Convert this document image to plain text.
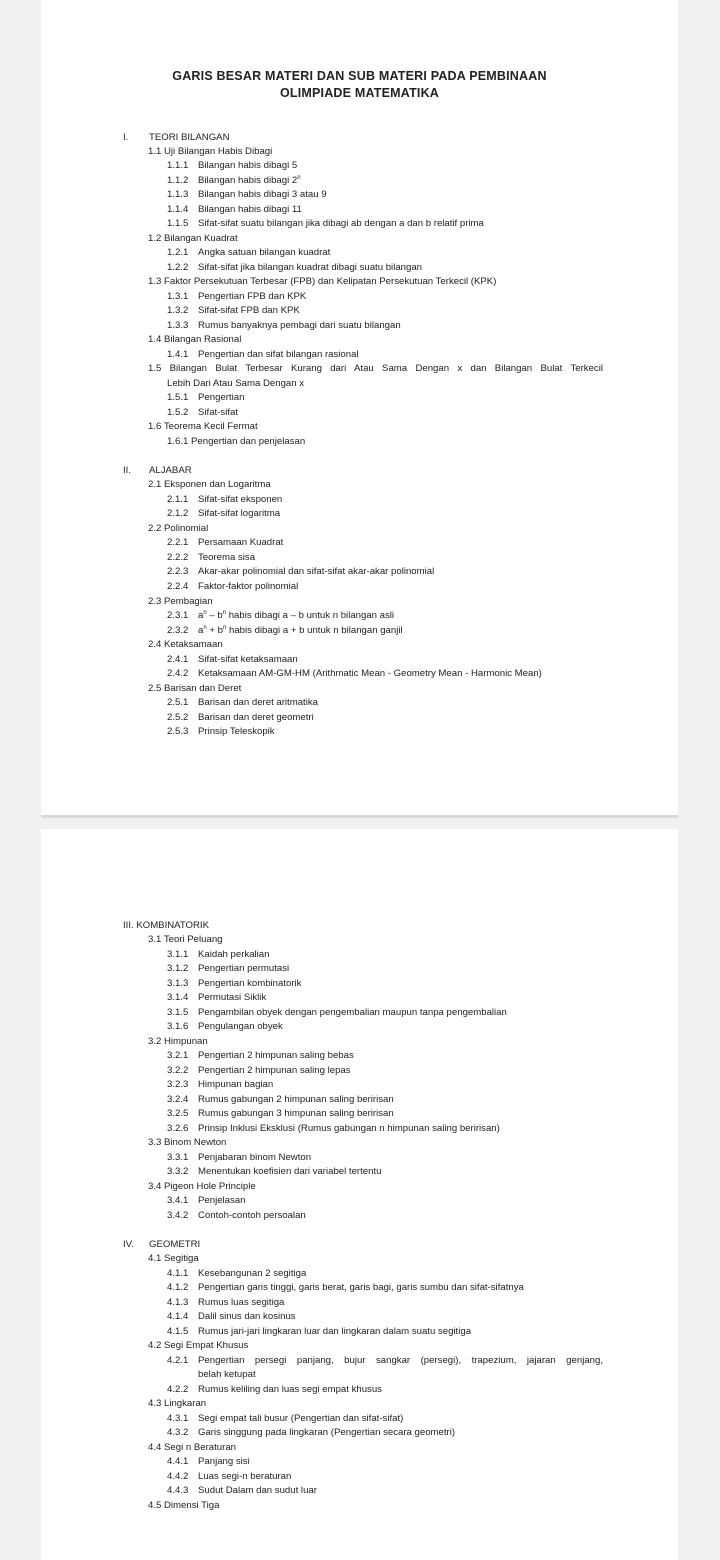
GARIS BESAR MATERI DAN SUB MATERI PADA PEMBINAAN
OLIMPIADE MATEMATIKA
I. TEORI BILANGAN
1.1 Uji Bilangan Habis Dibagi
1.1.1 Bilangan habis dibagi 5
1.1.2 Bilangan habis dibagi 2$^n$
1.1.3 Bilangan habis dibagi 3 atau 9
1.1.4 Bilangan habis dibagi 11
1.1.5 Sifat-sifat suatu bilangan jika dibagi ab dengan a dan b relatif prima
1.2 Bilangan Kuadrat
1.2.1 Angka satuan bilangan kuadrat
1.2.2 Sifat-sifat jika bilangan kuadrat dibagi suatu bilangan
1.3 Faktor Persekutuan Terbesar (FPB) dan Kelipatan Persekutuan Terkecil (KPK)
1.3.1 Pengertian FPB dan KPK
1.3.2 Sifat-sifat FPB dan KPK
1.3.3 Rumus banyaknya pembagi dari suatu bilangan
1.4 Bilangan Rasional
1.4.1 Pengertian dan sifat bilangan rasional
1.5 Bilangan Bulat Terbesar Kurang dari Atau Sama Dengan x dan Bilangan Bulat Terkecil
Lebih Dari Atau Sama Dengan x
1.5.1 Pengertian
1.5.2 Sifat-sifat
1.6 Teorema Kecil Fermat
1.6.1 Pengertian dan penjelasan
II. ALJABAR
2.1 Eksponen dan Logaritma
2.1.1 Sifat-sifat eksponen
2.1.2 Sifat-sifat logaritma
2.2 Polinomial
2.2.1 Persamaan Kuadrat
2.2.2 Teorema sisa
2.2.3 Akar-akar polinomial dan sifat-sifat akar-akar polinomial
2.2.4 Faktor-faktor polinomial
2.3 Pembagian
2.3.1 $a^n - b^n$ habis dibagi a – b untuk n bilangan asli
2.3.2 $a^n + b^n$ habis dibagi a + b untuk n bilangan ganjil
2.4 Ketaksamaan
2.4.1 Sifat-sifat ketaksamaan
2.4.2 Ketaksamaan AM-GM-HM (Arithmatic Mean - Geometry Mean - Harmonic Mean)
2.5 Barisan dan Deret
2.5.1 Barisan dan deret aritmatika
2.5.2 Barisan dan deret geometri
2.5.3 Prinsip Teleskopik
III. KOMBINATORIK
3.1 Teori Peluang
3.1.1 Kaidah perkalian
3.1.2 Pengertian permutasi
3.1.3 Pengertian kombinatorik
3.1.4 Permutasi Siklik
3.1.5 Pengambilan obyek dengan pengembalian maupun tanpa pengembalian
3.1.6 Pengulangan obyek
3.2 Himpunan
3.2.1 Pengertian 2 himpunan saling bebas
3.2.2 Pengertian 2 himpunan saling lepas
3.2.3 Himpunan bagian
3.2.4 Rumus gabungan 2 himpunan saling beririsan
3.2.5 Rumus gabungan 3 himpunan saling beririsan
3.2.6 Prinsip Inklusi Eksklusi (Rumus gabungan n himpunan saling beririsan)
3.3 Binom Newton
3.3.1 Penjabaran binom Newton
3.3.2 Menentukan koefisien dari variabel tertentu
3.4 Pigeon Hole Principle
3.4.1 Penjelasan
3.4.2 Contoh-contoh persoalan
IV. GEOMETRI
4.1 Segitiga
4.1.1 Kesebangunan 2 segitiga
4.1.2 Pengertian garis tinggi, garis berat, garis bagi, garis sumbu dan sifat-sifatnya
4.1.3 Rumus luas segitiga
4.1.4 Dalil sinus dan kosinus
4.1.5 Rumus jari-jari lingkaran luar dan lingkaran dalam suatu segitiga
4.2 Segi Empat Khusus
4.2.1 Pengertian persegi panjang, bujur sangkar (persegi), trapezium, jajaran genjang,
belah ketupat
4.2.2 Rumus keliling dan luas segi empat khusus
4.3 Lingkaran
4.3.1 Segi empat tali busur (Pengertian dan sifat-sifat)
4.3.2 Garis singgung pada lingkaran (Pengertian secara geometri)
4.4 Segi n Beraturan
4.4.1 Panjang sisi
4.4.2 Luas segi-n beraturan
4.4.3 Sudut Dalam dan sudut luar
4.5 Dimensi Tiga
